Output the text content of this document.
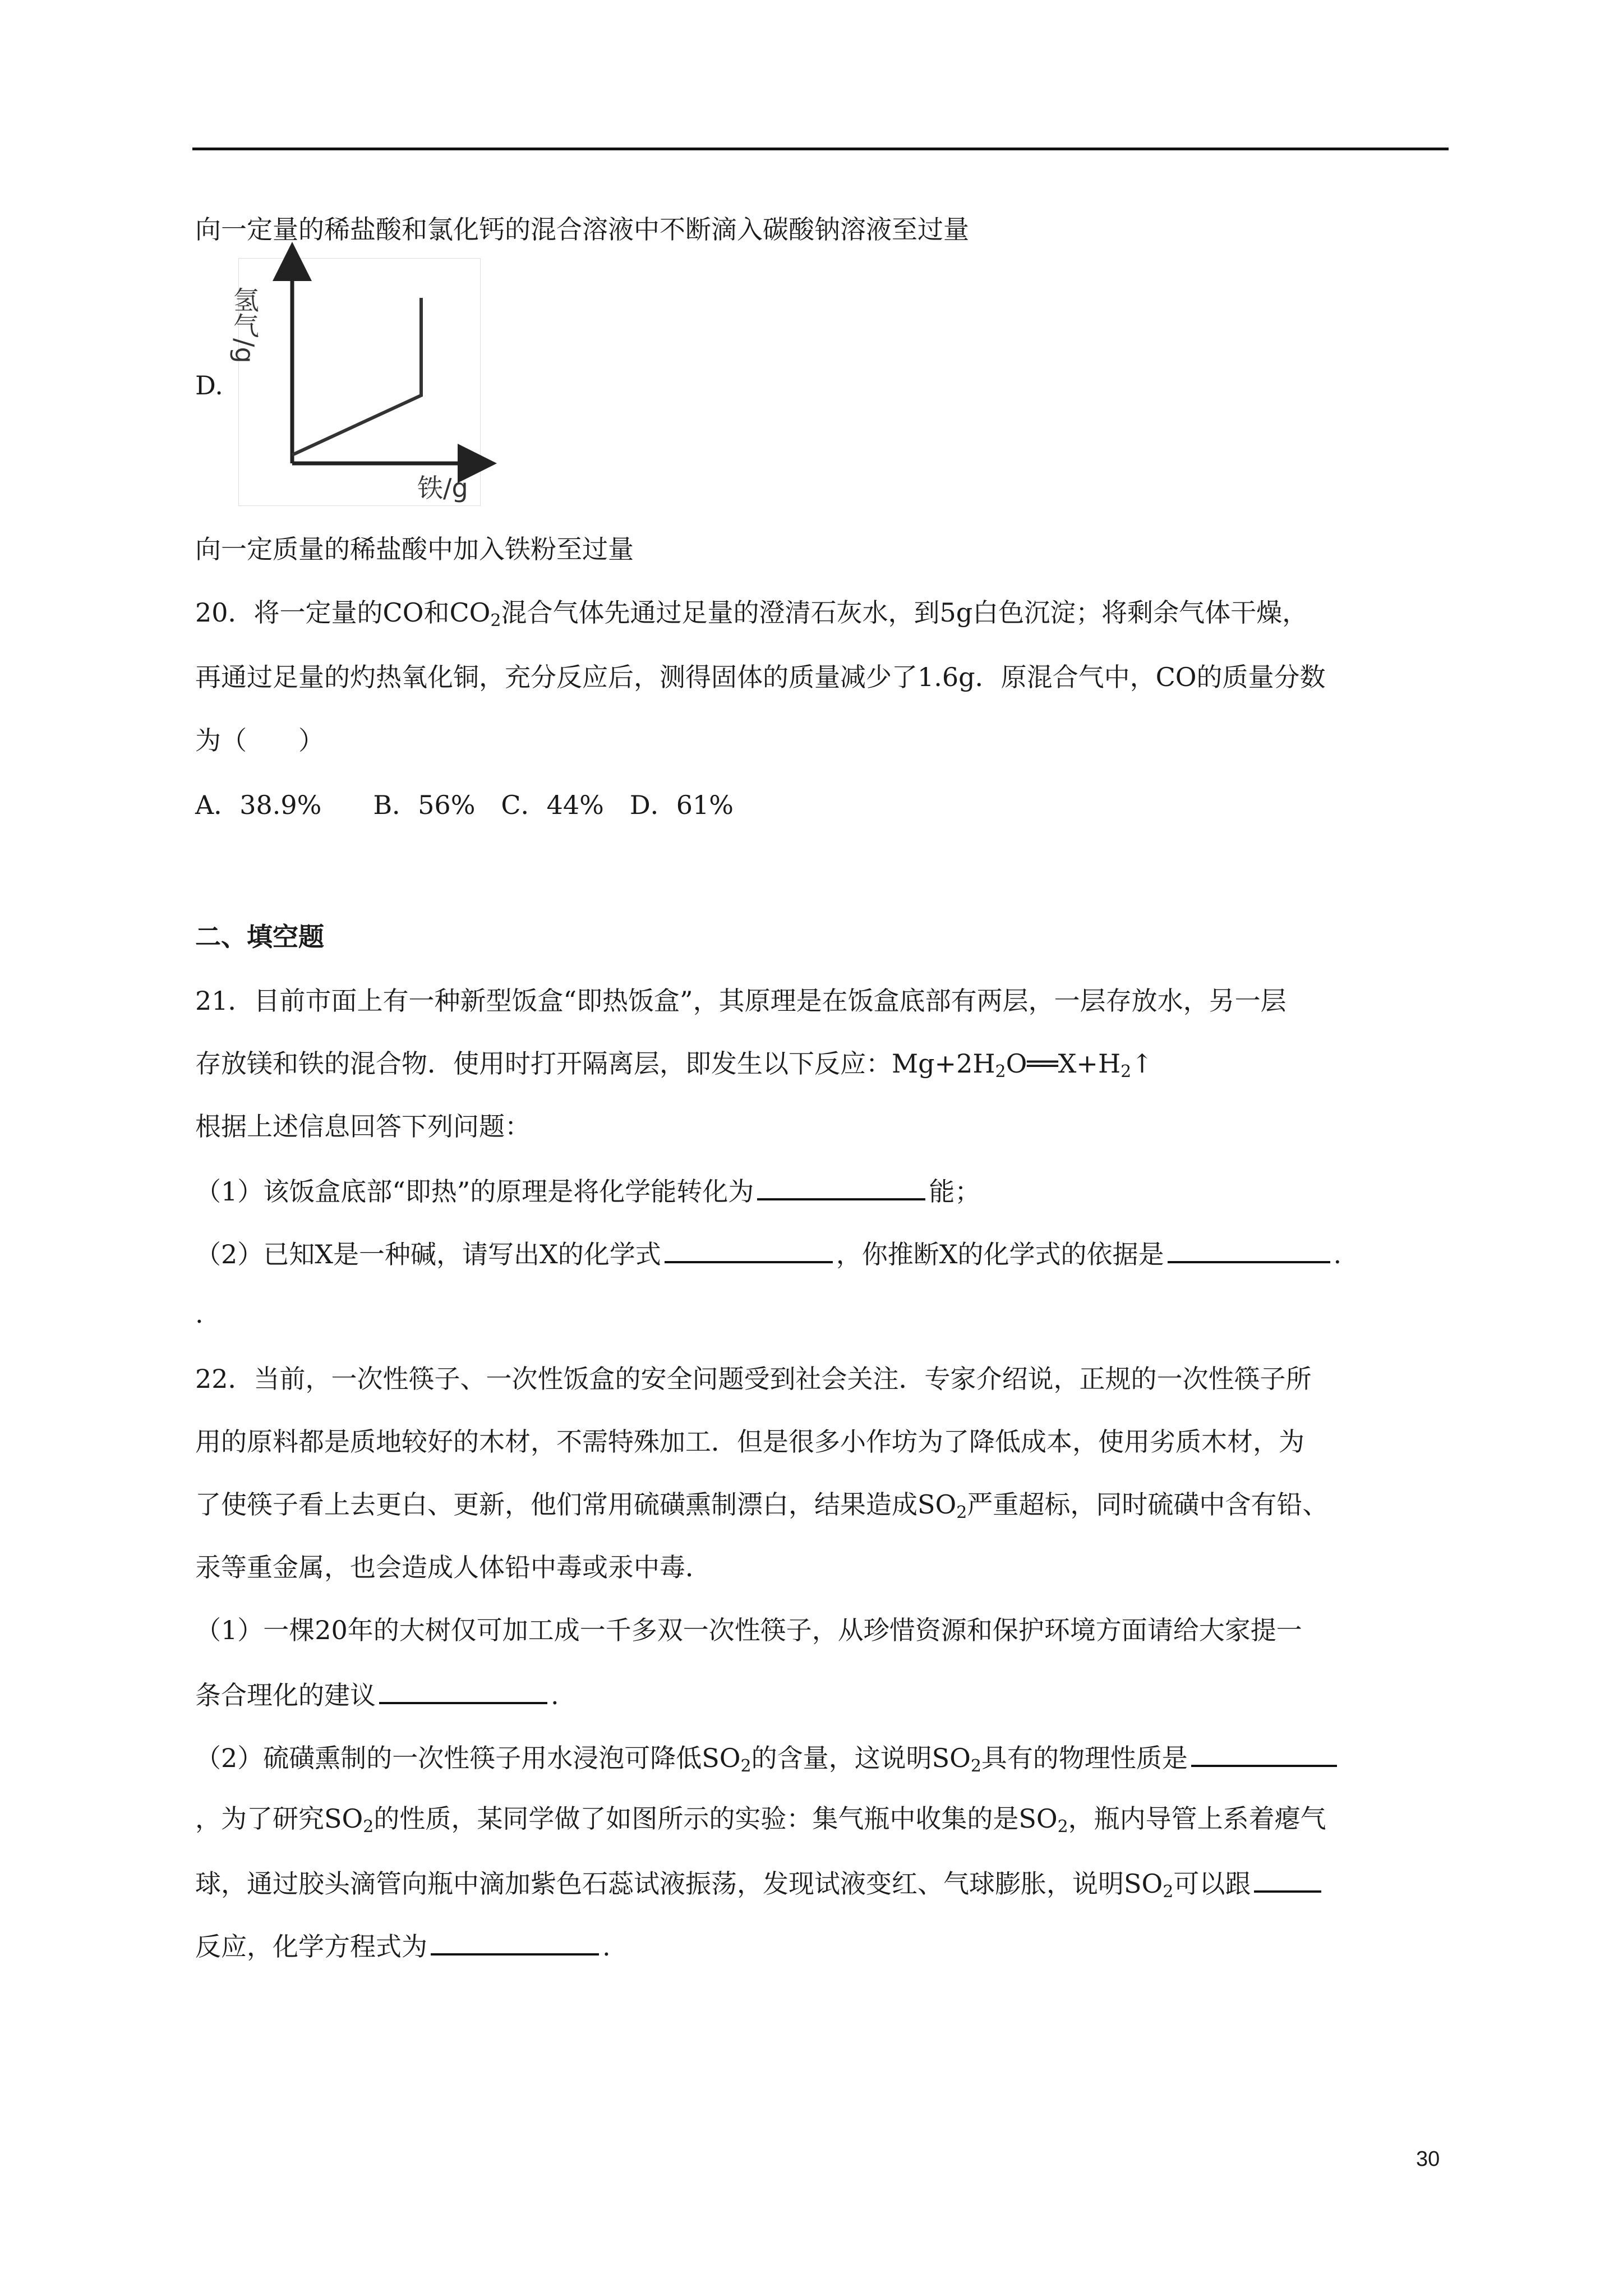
向一定量的稀盐酸和氯化钙的混合溶液中不断滴入碳酸钠溶液至过量
D.
氢气/g
铁/g
向一定质量的稀盐酸中加入铁粉至过量
20．将一定量的CO和$CO_2$混合气体先通过足量的澄清石灰水，到5g白色沉淀；将剩余气体干燥，
再通过足量的灼热氧化铜，充分反应后，测得固体的质量减少了1.6g．原混合气中，CO的质量分数
为（　　）
A．38.9%　　B．56%　C．44%　D．61%
二、填空题
21．目前市面上有一种新型饭盒“即热饭盒”，其原理是在饭盒底部有两层，一层存放水，另一层
存放镁和铁的混合物．使用时打开隔离层，即发生以下反应：$Mg+2H_2O══X+H_2↑$
根据上述信息回答下列问题：
（1）该饭盒底部“即热”的原理是将化学能转化为	能；
（2）已知X是一种碱，请写出X的化学式	，你推断X的化学式的依据是	.
.
22．当前，一次性筷子、一次性饭盒的安全问题受到社会关注．专家介绍说，正规的一次性筷子所
用的原料都是质地较好的木材，不需特殊加工．但是很多小作坊为了降低成本，使用劣质木材，为
了使筷子看上去更白、更新，他们常用硫磺熏制漂白，结果造成$SO_2$严重超标，同时硫磺中含有铅、
汞等重金属，也会造成人体铅中毒或汞中毒．
（1）一棵20年的大树仅可加工成一千多双一次性筷子，从珍惜资源和保护环境方面请给大家提一
条合理化的建议	.
（2）硫磺熏制的一次性筷子用水浸泡可降低$SO_2$的含量，这说明$SO_2$具有的物理性质是
，为了研究$SO_2$的性质，某同学做了如图所示的实验：集气瓶中收集的是$SO_2$，瓶内导管上系着瘪气
球，通过胶头滴管向瓶中滴加紫色石蕊试液振荡，发现试液变红、气球膨胀，说明$SO_2$可以跟
反应，化学方程式为	.
30
